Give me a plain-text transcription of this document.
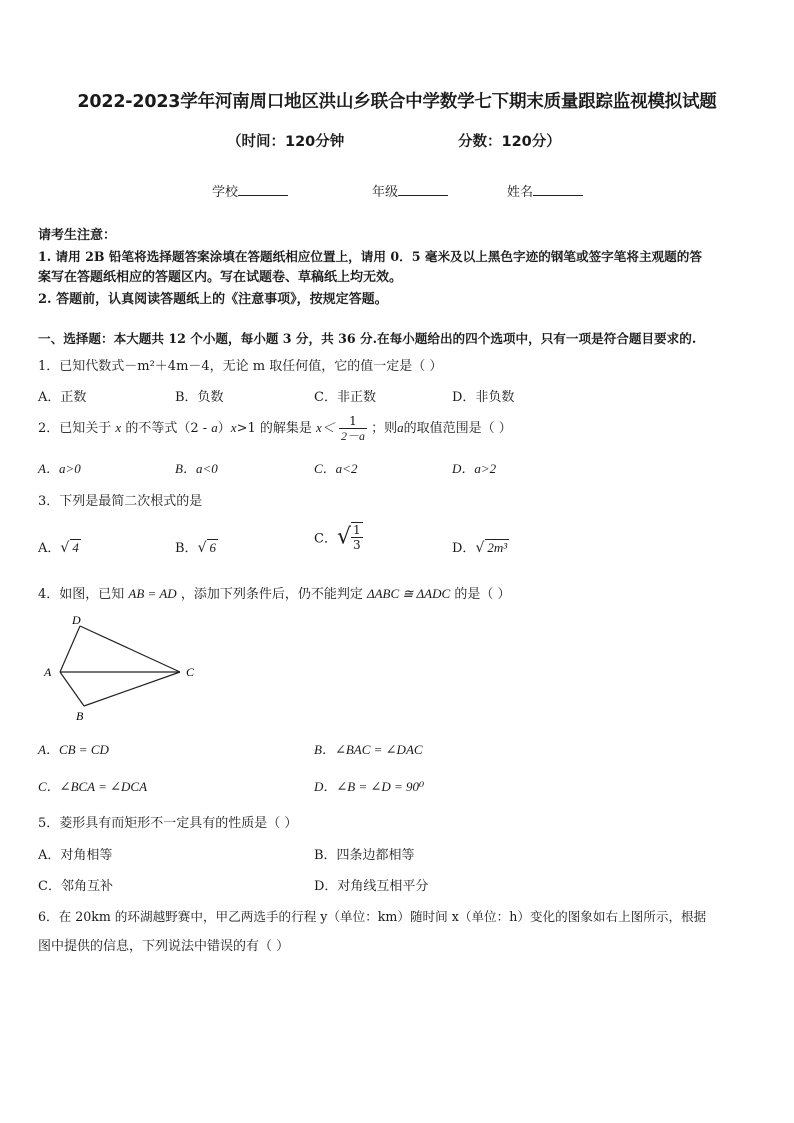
2022-2023学年河南周口地区洪山乡联合中学数学七下期末质量跟踪监视模拟试题
（时间：120分钟	分数：120分）
学校	年级	姓名
请考生注意：
1. 请用 2B 铅笔将选择题答案涂填在答题纸相应位置上，请用 0．5 毫米及以上黑色字迹的钢笔或签字笔将主观题的答
案写在答题纸相应的答题区内。写在试题卷、草稿纸上均无效。
2. 答题前，认真阅读答题纸上的《注意事项》，按规定答题。
一、选择题：本大题共 12 个小题，每小题 3 分，共 36 分.在每小题给出的四个选项中，只有一项是符合题目要求的.
1．已知代数式－m²＋4m－4，无论 m 取任何值，它的值一定是（ ）
A．正数	B．负数	C．非正数	D．非负数
2．已知关于 x 的不等式（2 - a）x>1 的解集是 $x< \frac{1}{2-a}$ ；则a的取值范围是（ ）
A．a>0	B．a<0	C．a<2	D．a>2
3．下列是最简二次根式的是
A．√ 4	B．√ 6
C．√ $\frac{1}{3}$	D．√ 2m³
4．如图，已知 AB = AD ，添加下列条件后，仍不能判定 ΔABC ≅ ΔADC 的是（ ）
D
A	C
B
A．CB = CD	B．∠BAC = ∠DAC
C．∠BCA = ∠DCA	D．∠B = ∠D = 90⁰
5．菱形具有而矩形不一定具有的性质是（ ）
A．对角相等	B．四条边都相等
C．邻角互补	D．对角线互相平分
6．在 20km 的环湖越野赛中，甲乙两选手的行程 y（单位：km）随时间 x（单位：h）变化的图象如右上图所示，根据
图中提供的信息，下列说法中错误的有（ ）
